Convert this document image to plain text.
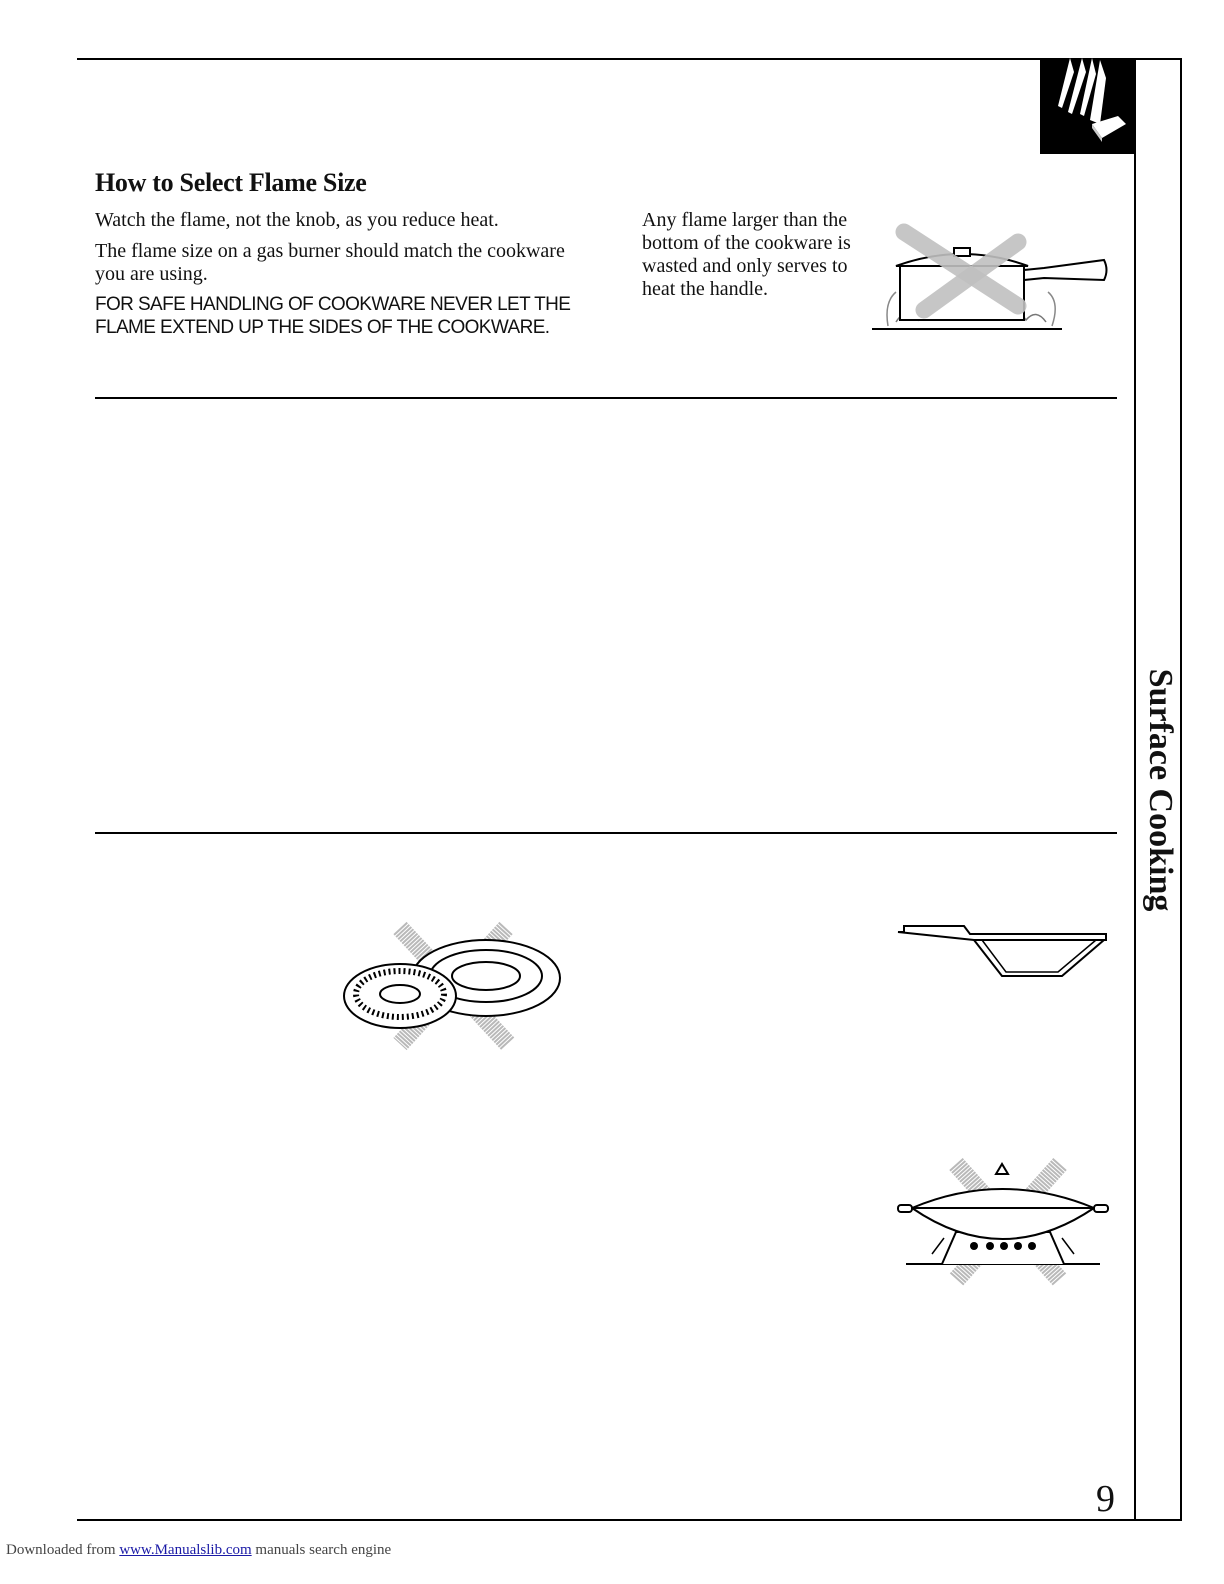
How to Select Flame Size
Watch the flame, not the knob, as you reduce heat.
The flame size on a gas burner should match the cookware you are using.
FOR SAFE HANDLING OF COOKWARE NEVER LET THE FLAME EXTEND UP THE SIDES OF THE COOKWARE.
Any flame larger than the bottom of the cookware is wasted and only serves to heat the handle.
Surface Cooking
9
Downloaded from www.Manualslib.com manuals search engine
